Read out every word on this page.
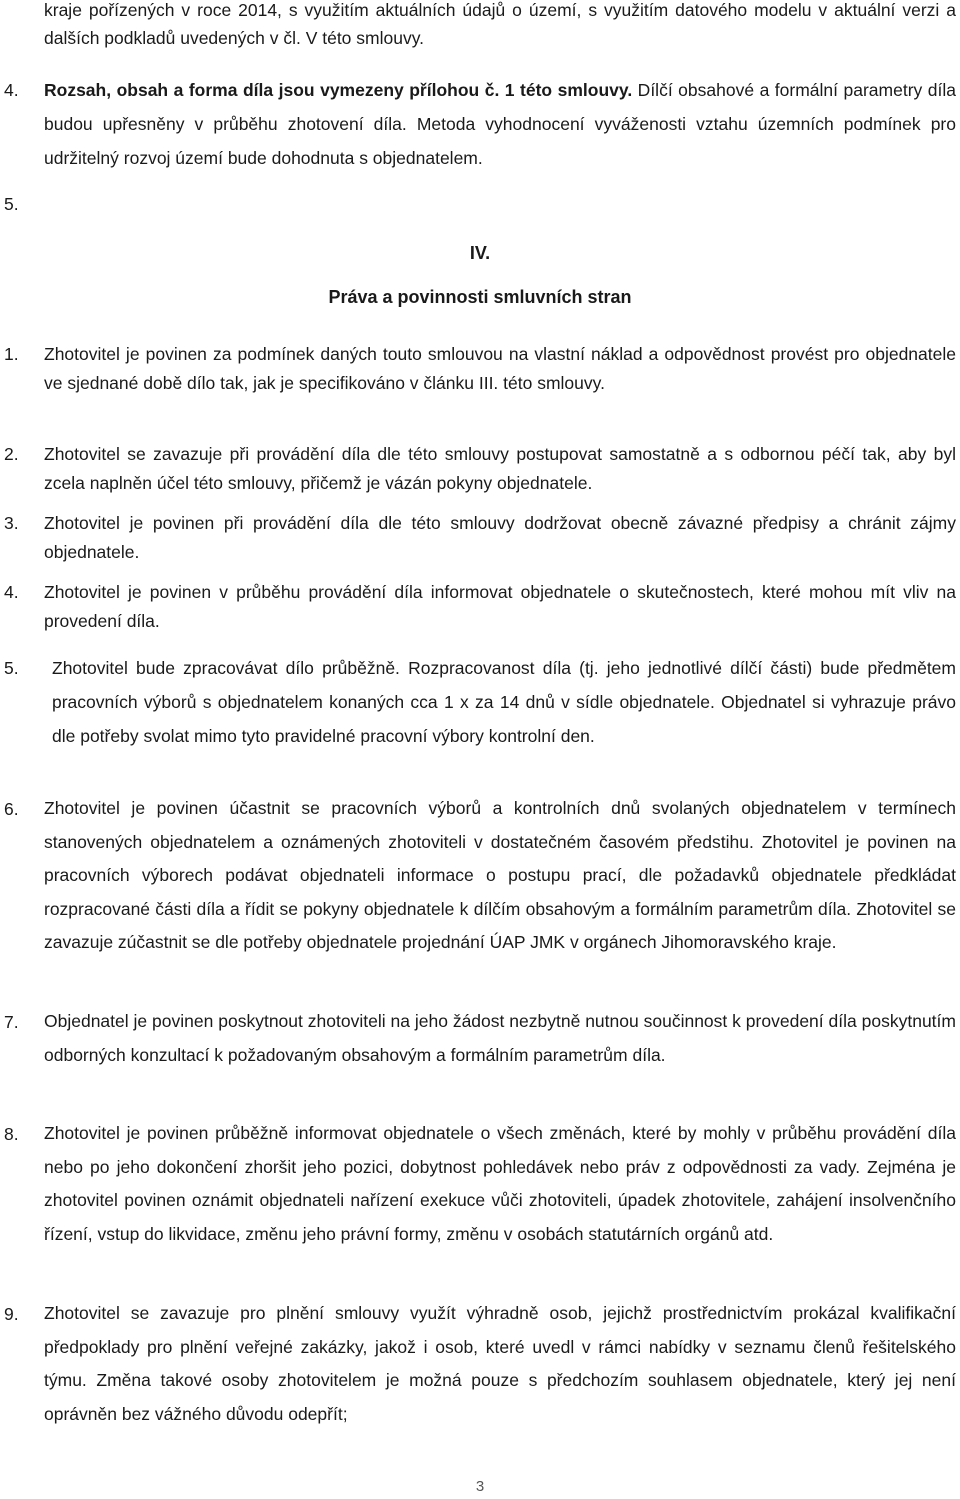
kraje pořízených v roce 2014, s využitím aktuálních údajů o území, s využitím datového modelu v aktuální verzi a dalších podkladů uvedených v čl. V této smlouvy.
4. Rozsah, obsah a forma díla jsou vymezeny přílohou č. 1 této smlouvy. Dílčí obsahové a formální parametry díla budou upřesněny v průběhu zhotovení díla. Metoda vyhodnocení vyváženosti vztahu územních podmínek pro udržitelný rozvoj území bude dohodnuta s objednatelem.
5.
IV.
Práva a povinnosti smluvních stran
1. Zhotovitel je povinen za podmínek daných touto smlouvou na vlastní náklad a odpovědnost provést pro objednatele ve sjednané době dílo tak, jak je specifikováno v článku III. této smlouvy.
2. Zhotovitel se zavazuje při provádění díla dle této smlouvy postupovat samostatně a s odbornou péčí tak, aby byl zcela naplněn účel této smlouvy, přičemž je vázán pokyny objednatele.
3. Zhotovitel je povinen při provádění díla dle této smlouvy dodržovat obecně závazné předpisy a chránit zájmy objednatele.
4. Zhotovitel je povinen v průběhu provádění díla informovat objednatele o skutečnostech, které mohou mít vliv na provedení díla.
5. Zhotovitel bude zpracovávat dílo průběžně. Rozpracovanost díla (tj. jeho jednotlivé dílčí části) bude předmětem pracovních výborů s objednatelem konaných cca 1 x za 14 dnů v sídle objednatele. Objednatel si vyhrazuje právo dle potřeby svolat mimo tyto pravidelné pracovní výbory kontrolní den.
6. Zhotovitel je povinen účastnit se pracovních výborů a kontrolních dnů svolaných objednatelem v termínech stanovených objednatelem a oznámených zhotoviteli v dostatečném časovém předstihu. Zhotovitel je povinen na pracovních výborech podávat objednateli informace o postupu prací, dle požadavků objednatele předkládat rozpracované části díla a řídit se pokyny objednatele k dílčím obsahovým a formálním parametrům díla. Zhotovitel se zavazuje zúčastnit se dle potřeby objednatele projednání ÚAP JMK v orgánech Jihomoravského kraje.
7. Objednatel je povinen poskytnout zhotoviteli na jeho žádost nezbytně nutnou součinnost k provedení díla poskytnutím odborných konzultací k požadovaným obsahovým a formálním parametrům díla.
8. Zhotovitel je povinen průběžně informovat objednatele o všech změnách, které by mohly v průběhu provádění díla nebo po jeho dokončení zhoršit jeho pozici, dobytnost pohledávek nebo práv z odpovědnosti za vady. Zejména je zhotovitel povinen oznámit objednateli nařízení exekuce vůči zhotoviteli, úpadek zhotovitele, zahájení insolvenčního řízení, vstup do likvidace, změnu jeho právní formy, změnu v osobách statutárních orgánů atd.
9. Zhotovitel se zavazuje pro plnění smlouvy využít výhradně osob, jejichž prostřednictvím prokázal kvalifikační předpoklady pro plnění veřejné zakázky, jakož i osob, které uvedl v rámci nabídky v seznamu členů řešitelského týmu. Změna takové osoby zhotovitelem je možná pouze s předchozím souhlasem objednatele, který jej není oprávněn bez vážného důvodu odepřít;
3
